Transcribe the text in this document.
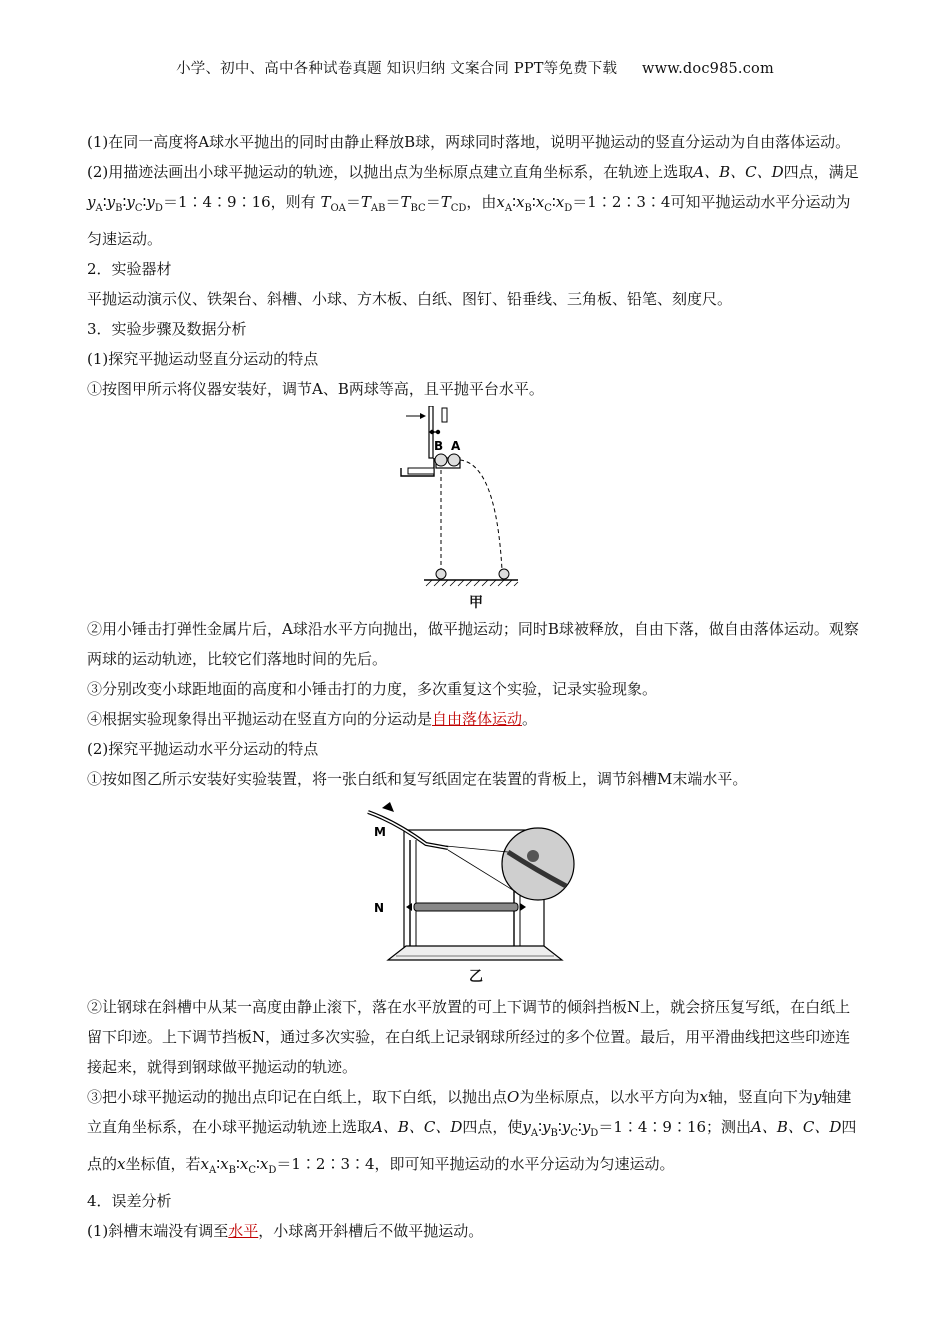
小学、初中、高中各种试卷真题 知识归纳 文案合同 PPT等免费下载 www.doc985.com

(1)在同一高度将A球水平抛出的同时由静止释放B球，两球同时落地，说明平抛运动的竖直分运动为自由落体运动。

(2)用描迹法画出小球平抛运动的轨迹，以抛出点为坐标原点建立直角坐标系，在轨迹上选取A、B、C、D四点，满足$y_A∶y_B∶y_C∶y_D=1∶4∶9∶16$，则有 $T_{OA}=T_{AB}=T_{BC}=T_{CD}$，由$x_A∶x_B∶x_C∶x_D=1∶2∶3∶4$可知平抛运动水平分运动为匀速运动。

2．实验器材

平抛运动演示仪、铁架台、斜槽、小球、方木板、白纸、图钉、铅垂线、三角板、铅笔、刻度尺。

3．实验步骤及数据分析

(1)探究平抛运动竖直分运动的特点

①按图甲所示将仪器安装好，调节A、B两球等高，且平抛平台水平。

B A
甲

②用小锤击打弹性金属片后，A球沿水平方向抛出，做平抛运动；同时B球被释放，自由下落，做自由落体运动。观察两球的运动轨迹，比较它们落地时间的先后。

③分别改变小球距地面的高度和小锤击打的力度，多次重复这个实验，记录实验现象。

④根据实验现象得出平抛运动在竖直方向的分运动是自由落体运动。

(2)探究平抛运动水平分运动的特点

①按如图乙所示安装好实验装置，将一张白纸和复写纸固定在装置的背板上，调节斜槽M末端水平。

M
N
乙

②让钢球在斜槽中从某一高度由静止滚下，落在水平放置的可上下调节的倾斜挡板N上，就会挤压复写纸，在白纸上留下印迹。上下调节挡板N，通过多次实验，在白纸上记录钢球所经过的多个位置。最后，用平滑曲线把这些印迹连接起来，就得到钢球做平抛运动的轨迹。

③把小球平抛运动的抛出点印记在白纸上，取下白纸，以抛出点O为坐标原点，以水平方向为x轴，竖直向下为y轴建立直角坐标系，在小球平抛运动轨迹上选取A、B、C、D四点，使$y_A∶y_B∶y_C∶y_D=1∶4∶9∶16$；测出A、B、C、D四点的x坐标值，若$x_A∶x_B∶x_C∶x_D=1∶2∶3∶4$，即可知平抛运动的水平分运动为匀速运动。

4．误差分析

(1)斜槽末端没有调至水平，小球离开斜槽后不做平抛运动。
